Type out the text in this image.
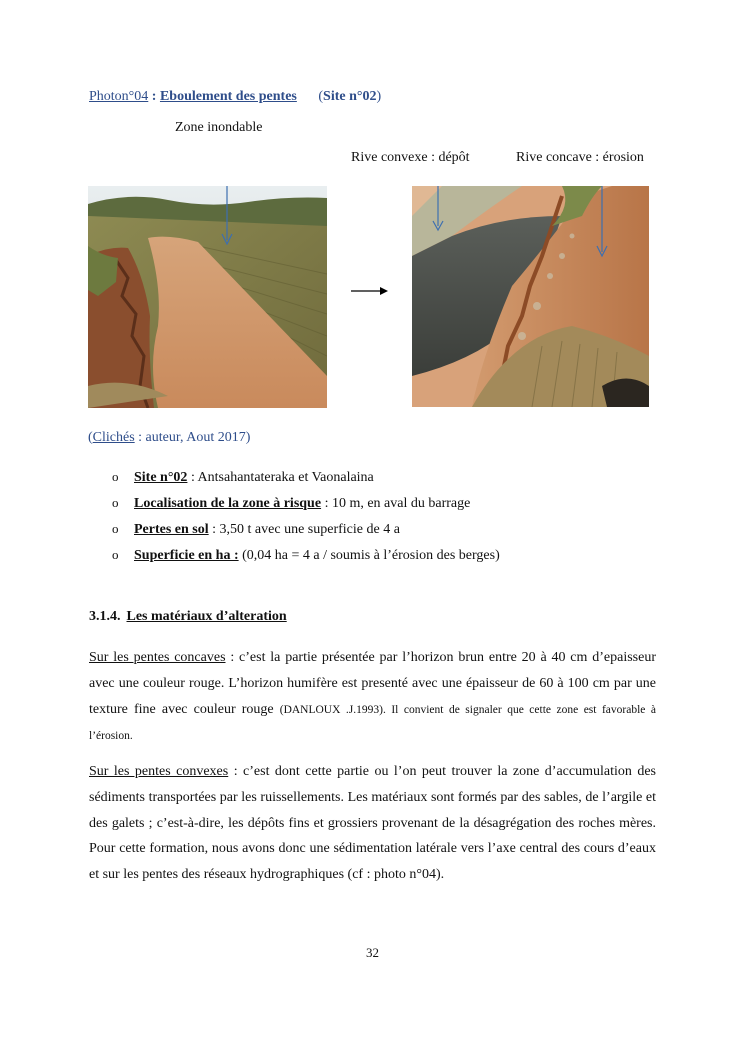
Photon°04 : Eboulement des pentes (Site n°02)
Zone inondable
Rive convexe : dépôt	Rive concave : érosion
(Clichés : auteur, Aout 2017)
o Site n°02 : Antsahantateraka et Vaonalaina
o Localisation de la zone à risque : 10 m, en aval du barrage
o Pertes en sol : 3,50 t avec une superficie de 4 a
o Superficie en ha : (0,04 ha = 4 a / soumis à l’érosion des berges)
3.1.4. Les matériaux d’alteration
Sur les pentes concaves : c’est la partie présentée par l’horizon brun entre 20 à 40 cm d’epaisseur avec une couleur rouge. L’horizon humifère est presenté avec une épaisseur de 60 à 100 cm par une texture fine avec couleur rouge (DANLOUX .J.1993). Il convient de signaler que cette zone est favorable à l’érosion.
Sur les pentes convexes : c’est dont cette partie ou l’on peut trouver la zone d’accumulation des sédiments transportées par les ruissellements. Les matériaux sont formés par des sables, de l’argile et des galets ; c’est-à-dire, les dépôts fins et grossiers provenant de la désagrégation des roches mères. Pour cette formation, nous avons donc une sédimentation latérale vers l’axe central des cours d’eaux et sur les pentes des réseaux hydrographiques (cf : photo n°04).
32
